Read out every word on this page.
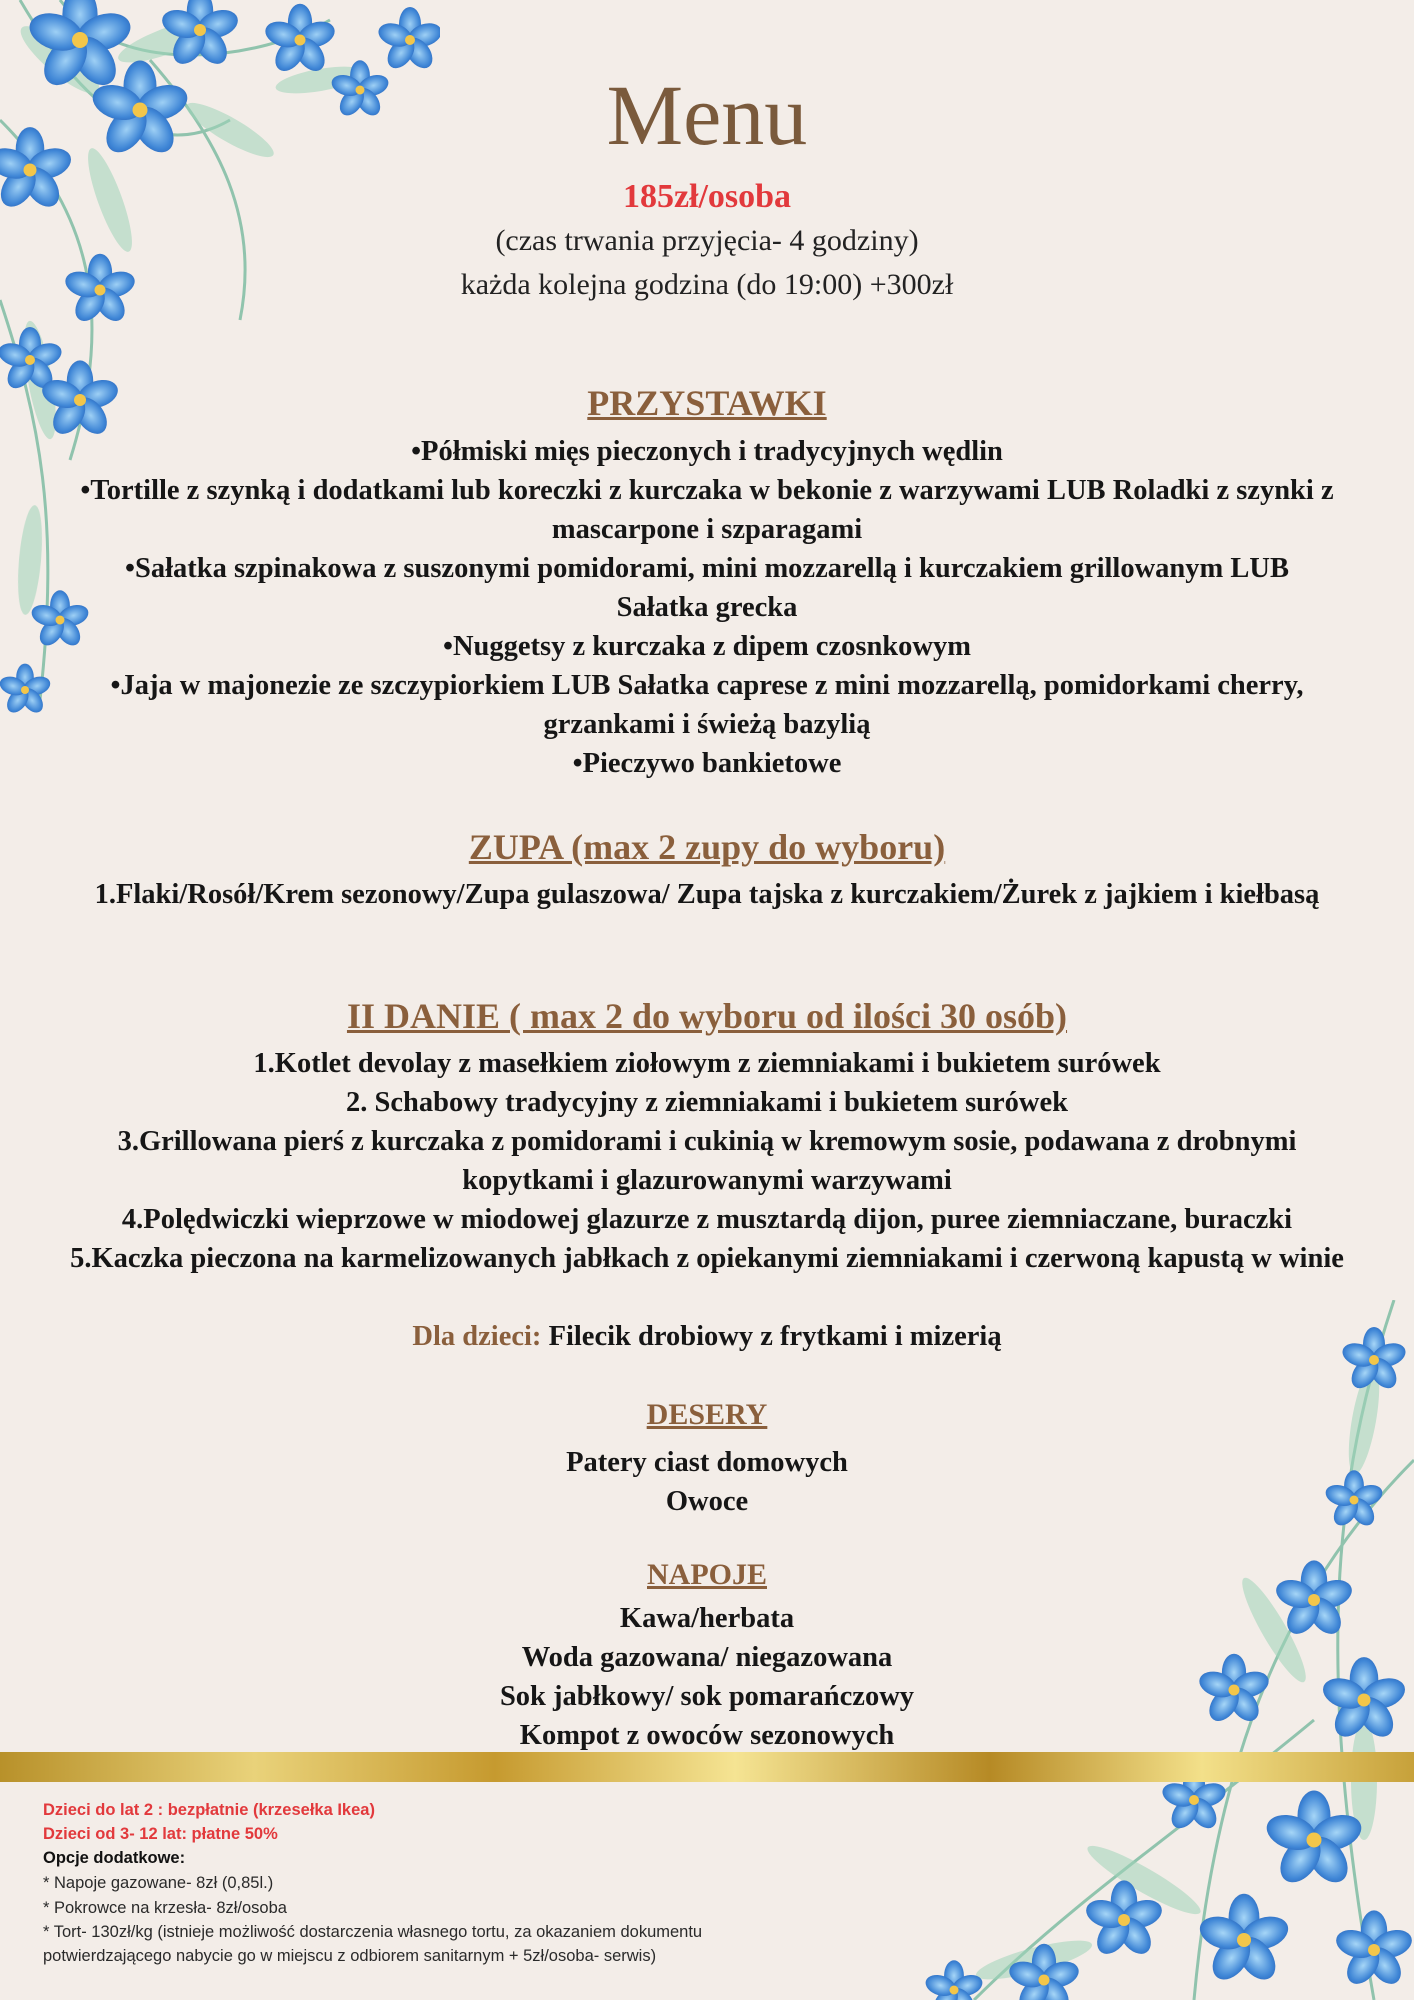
Menu
185zł/osoba
(czas trwania przyjęcia- 4 godziny)
każda kolejna godzina (do 19:00) +300zł
PRZYSTAWKI
•Półmiski mięs pieczonych i tradycyjnych wędlin
•Tortille z szynką i dodatkami lub koreczki z kurczaka w bekonie z warzywami LUB Roladki z szynki z mascarpone i szparagami
•Sałatka szpinakowa z suszonymi pomidorami, mini mozzarellą i kurczakiem grillowanym LUB Sałatka grecka
•Nuggetsy z kurczaka z dipem czosnkowym
•Jaja w majonezie ze szczypiorkiem LUB Sałatka caprese z mini mozzarellą, pomidorkami cherry, grzankami i świeżą bazylią
•Pieczywo bankietowe
ZUPA (max 2 zupy do wyboru)
1.Flaki/Rosół/Krem sezonowy/Zupa gulaszowa/ Zupa tajska z kurczakiem/Żurek z jajkiem i kiełbasą
II DANIE ( max 2 do wyboru od ilości 30 osób)
1.Kotlet devolay z masełkiem ziołowym z ziemniakami i bukietem surówek
2. Schabowy tradycyjny z ziemniakami i bukietem surówek
3.Grillowana pierś z kurczaka z pomidorami i cukinią w kremowym sosie, podawana z drobnymi kopytkami i glazurowanymi warzywami
4.Polędwiczki wieprzowe w miodowej glazurze z musztardą dijon, puree ziemniaczane, buraczki
5.Kaczka pieczona na karmelizowanych jabłkach z opiekanymi ziemniakami i czerwoną kapustą w winie
Dla dzieci: Filecik drobiowy z frytkami i mizerią
DESERY
Patery ciast domowych
Owoce
NAPOJE
Kawa/herbata
Woda gazowana/ niegazowana
Sok jabłkowy/ sok pomarańczowy
Kompot z owoców sezonowych
Dzieci do lat 2 : bezpłatnie (krzesełka Ikea)
Dzieci od 3- 12 lat: płatne 50%
Opcje dodatkowe:
* Napoje gazowane- 8zł (0,85l.)
* Pokrowce na krzesła- 8zł/osoba
* Tort- 130zł/kg (istnieje możliwość dostarczenia własnego tortu, za okazaniem dokumentu
potwierdzającego nabycie go w miejscu z odbiorem sanitarnym + 5zł/osoba- serwis)
